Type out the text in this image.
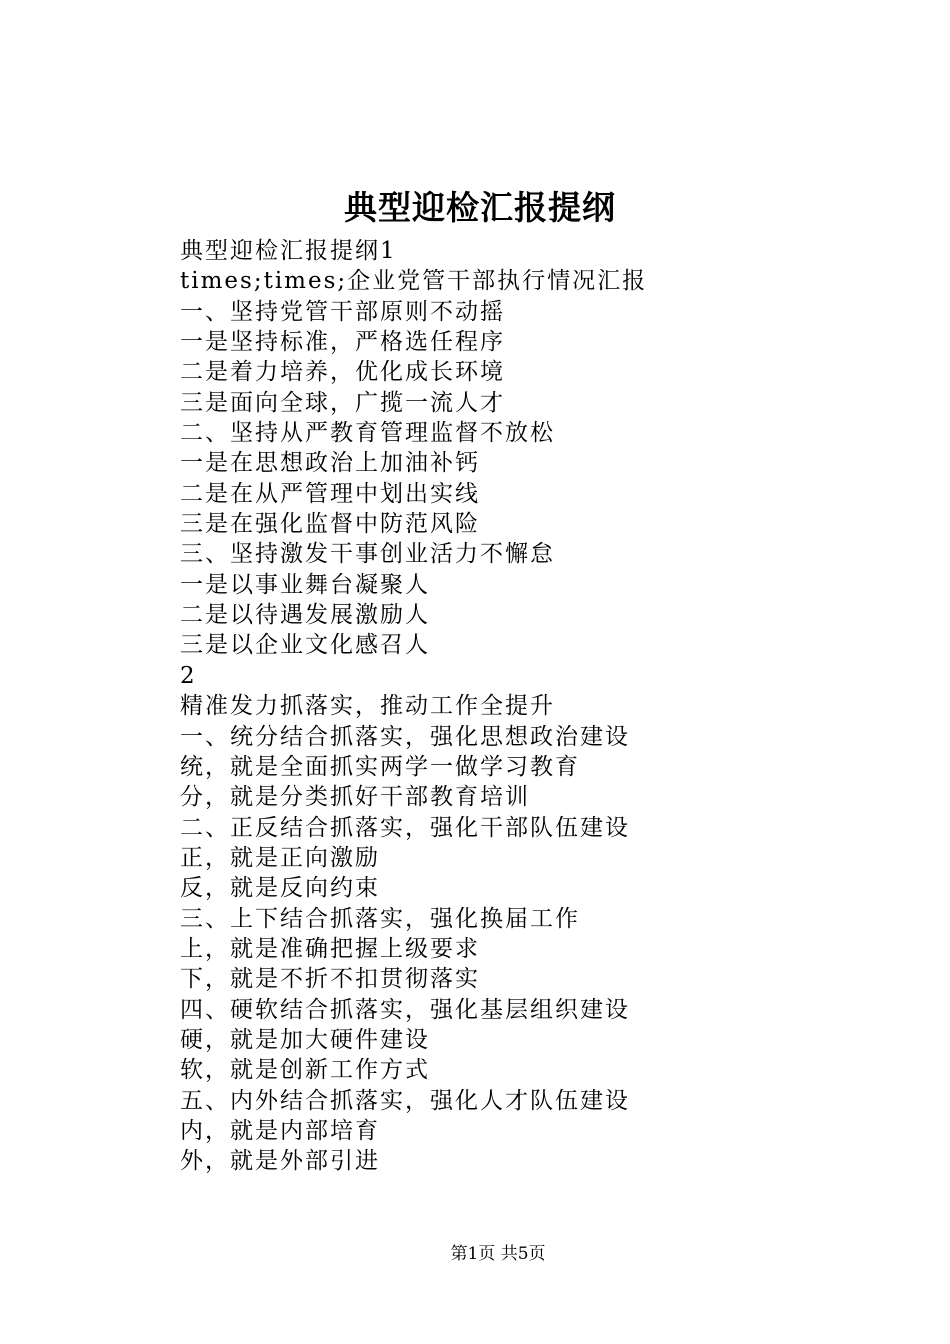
典型迎检汇报提纲
典型迎检汇报提纲1
times;times;企业党管干部执行情况汇报
一、坚持党管干部原则不动摇
一是坚持标准，严格选任程序
二是着力培养，优化成长环境
三是面向全球，广揽一流人才
二、坚持从严教育管理监督不放松
一是在思想政治上加油补钙
二是在从严管理中划出实线
三是在强化监督中防范风险
三、坚持激发干事创业活力不懈怠
一是以事业舞台凝聚人
二是以待遇发展激励人
三是以企业文化感召人
2
精准发力抓落实，推动工作全提升
一、统分结合抓落实，强化思想政治建设
统，就是全面抓实两学一做学习教育
分，就是分类抓好干部教育培训
二、正反结合抓落实，强化干部队伍建设
正，就是正向激励
反，就是反向约束
三、上下结合抓落实，强化换届工作
上，就是准确把握上级要求
下，就是不折不扣贯彻落实
四、硬软结合抓落实，强化基层组织建设
硬，就是加大硬件建设
软，就是创新工作方式
五、内外结合抓落实，强化人才队伍建设
内，就是内部培育
外，就是外部引进
第1页 共5页
